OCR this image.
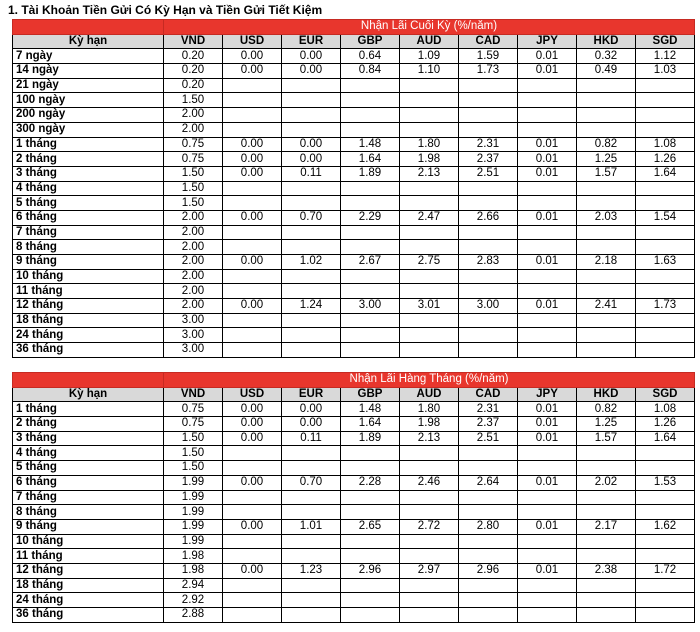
1. Tài Khoản Tiền Gửi Có Kỳ Hạn và Tiền Gửi Tiết Kiệm
	Nhận Lãi Cuối Kỳ (%/năm)								
Kỳ hạn	VND	USD	EUR	GBP	AUD	CAD	JPY	HKD	SGD
7 ngày	0.20	0.00	0.00	0.64	1.09	1.59	0.01	0.32	1.12
14 ngày	0.20	0.00	0.00	0.84	1.10	1.73	0.01	0.49	1.03
21 ngày	0.20								
100 ngày	1.50								
200 ngày	2.00								
300 ngày	2.00								
1 tháng	0.75	0.00	0.00	1.48	1.80	2.31	0.01	0.82	1.08
2 tháng	0.75	0.00	0.00	1.64	1.98	2.37	0.01	1.25	1.26
3 tháng	1.50	0.00	0.11	1.89	2.13	2.51	0.01	1.57	1.64
4 tháng	1.50								
5 tháng	1.50								
6 tháng	2.00	0.00	0.70	2.29	2.47	2.66	0.01	2.03	1.54
7 tháng	2.00								
8 tháng	2.00								
9 tháng	2.00	0.00	1.02	2.67	2.75	2.83	0.01	2.18	1.63
10 tháng	2.00								
11 tháng	2.00								
12 tháng	2.00	0.00	1.24	3.00	3.01	3.00	0.01	2.41	1.73
18 tháng	3.00								
24 tháng	3.00								
36 tháng	3.00								
	Nhận Lãi Hàng Tháng (%/năm)								
Kỳ hạn	VND	USD	EUR	GBP	AUD	CAD	JPY	HKD	SGD
1 tháng	0.75	0.00	0.00	1.48	1.80	2.31	0.01	0.82	1.08
2 tháng	0.75	0.00	0.00	1.64	1.98	2.37	0.01	1.25	1.26
3 tháng	1.50	0.00	0.11	1.89	2.13	2.51	0.01	1.57	1.64
4 tháng	1.50								
5 tháng	1.50								
6 tháng	1.99	0.00	0.70	2.28	2.46	2.64	0.01	2.02	1.53
7 tháng	1.99								
8 tháng	1.99								
9 tháng	1.99	0.00	1.01	2.65	2.72	2.80	0.01	2.17	1.62
10 tháng	1.99								
11 tháng	1.98								
12 tháng	1.98	0.00	1.23	2.96	2.97	2.96	0.01	2.38	1.72
18 tháng	2.94								
24 tháng	2.92								
36 tháng	2.88								
